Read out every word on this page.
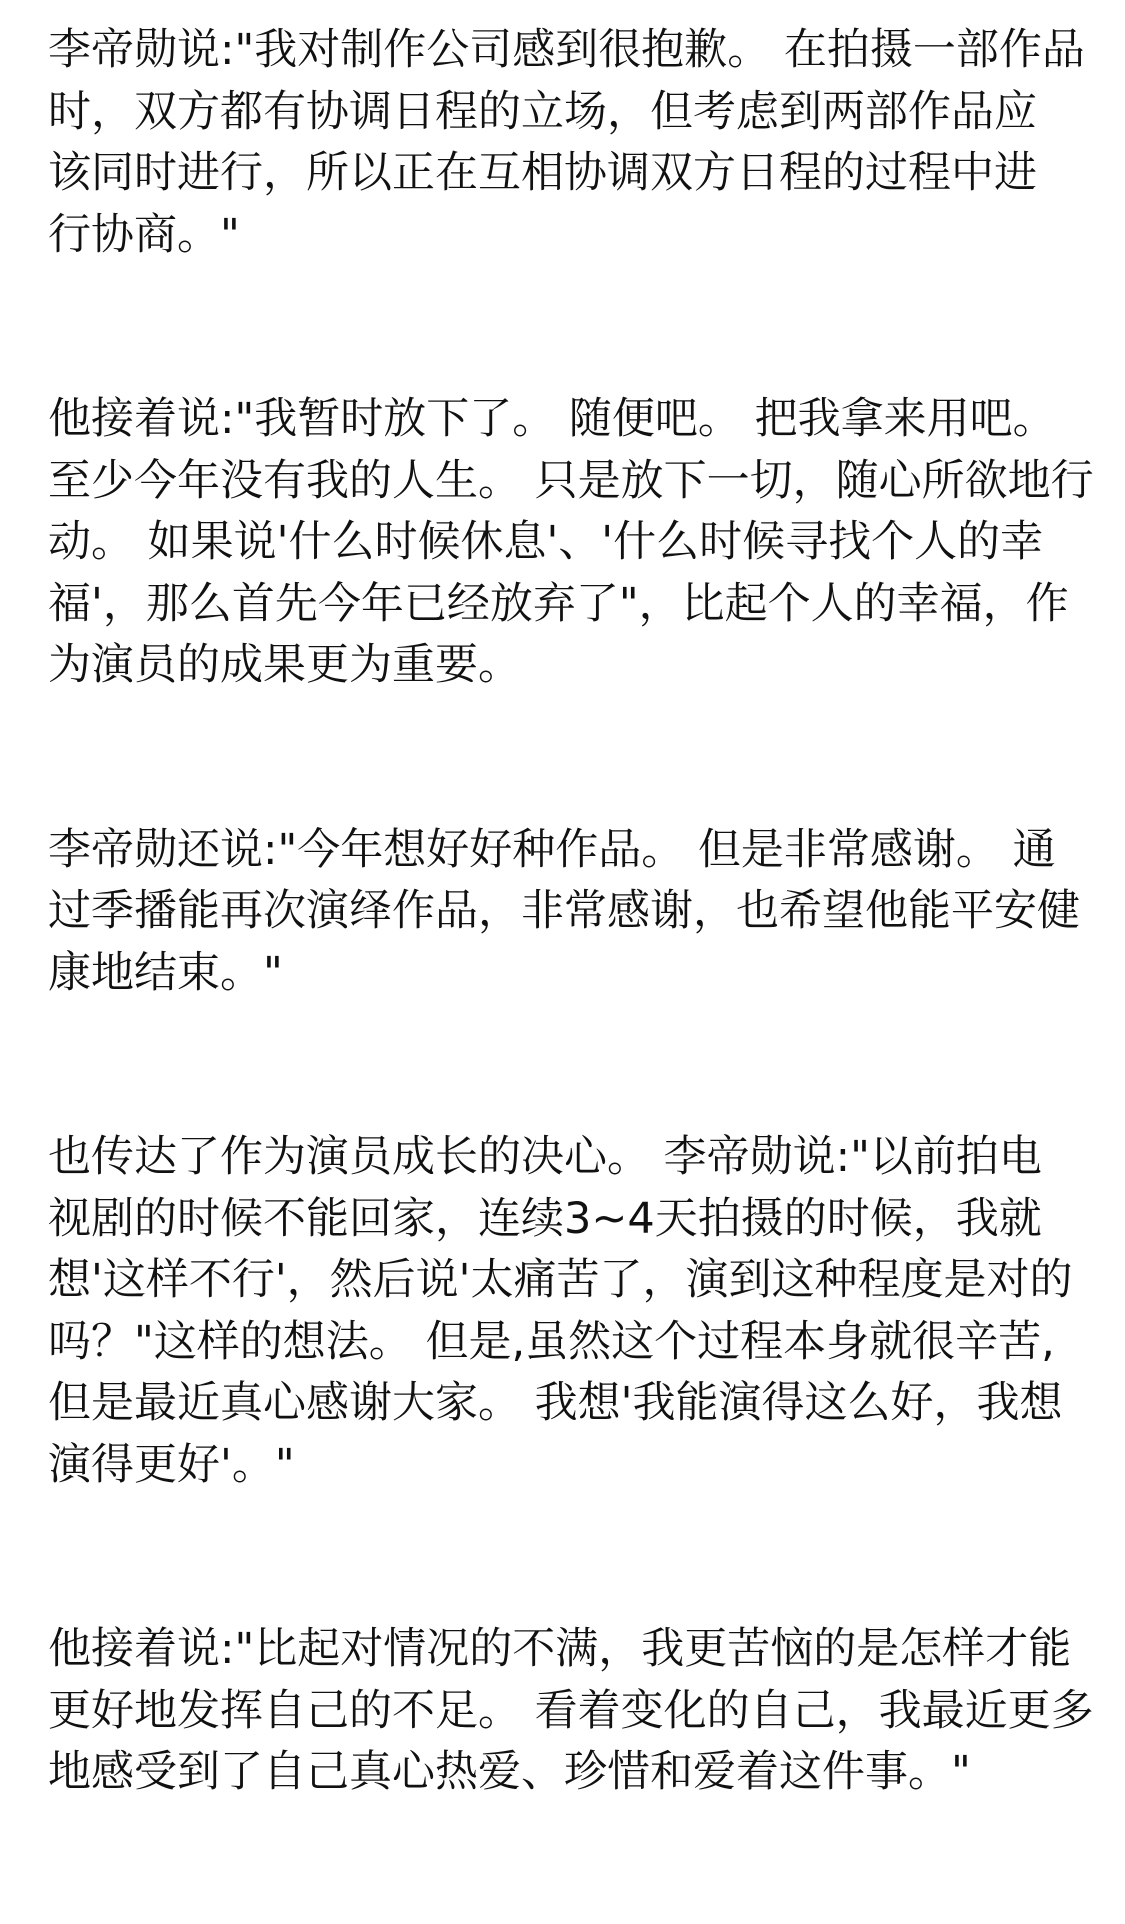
李帝勋说:"我对制作公司感到很抱歉。 在拍摄一部作品
时，双方都有协调日程的立场，但考虑到两部作品应
该同时进行，所以正在互相协调双方日程的过程中进
行协商。"
他接着说:"我暂时放下了。 随便吧。 把我拿来用吧。
至少今年没有我的人生。 只是放下一切，随心所欲地行
动。 如果说'什么时候休息'、'什么时候寻找个人的幸
福'，那么首先今年已经放弃了"，比起个人的幸福，作
为演员的成果更为重要。
李帝勋还说:"今年想好好种作品。 但是非常感谢。 通
过季播能再次演绎作品，非常感谢，也希望他能平安健
康地结束。"
也传达了作为演员成长的决心。 李帝勋说:"以前拍电
视剧的时候不能回家，连续3~4天拍摄的时候，我就
想'这样不行'，然后说'太痛苦了，演到这种程度是对的
吗？"这样的想法。 但是,虽然这个过程本身就很辛苦,
但是最近真心感谢大家。 我想'我能演得这么好，我想
演得更好'。"
他接着说:"比起对情况的不满，我更苦恼的是怎样才能
更好地发挥自己的不足。 看着变化的自己，我最近更多
地感受到了自己真心热爱、珍惜和爱着这件事。"
